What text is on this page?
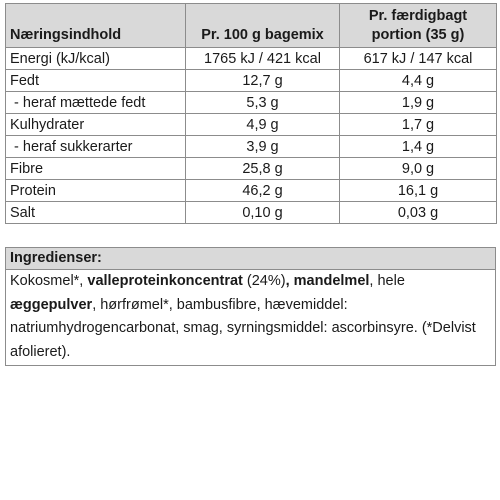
Næringsindhold	Pr. 100 g bagemix	Pr. færdigbagt
portion (35 g)
Energi (kJ/kcal)	1765 kJ / 421 kcal	617 kJ / 147 kcal
Fedt	12,7 g	4,4 g
- heraf mættede fedt	5,3 g	1,9 g
Kulhydrater	4,9 g	1,7 g
- heraf sukkerarter	3,9 g	1,4 g
Fibre	25,8 g	9,0 g
Protein	46,2 g	16,1 g
Salt	0,10 g	0,03 g
Ingredienser:
Kokosmel*, valleproteinkoncentrat (24%), mandelmel, hele æggepulver, hørfrømel*, bambusfibre, hævemiddel: natriumhydrogencarbonat, smag, syrningsmiddel: ascorbinsyre. (*Delvist afolieret).
